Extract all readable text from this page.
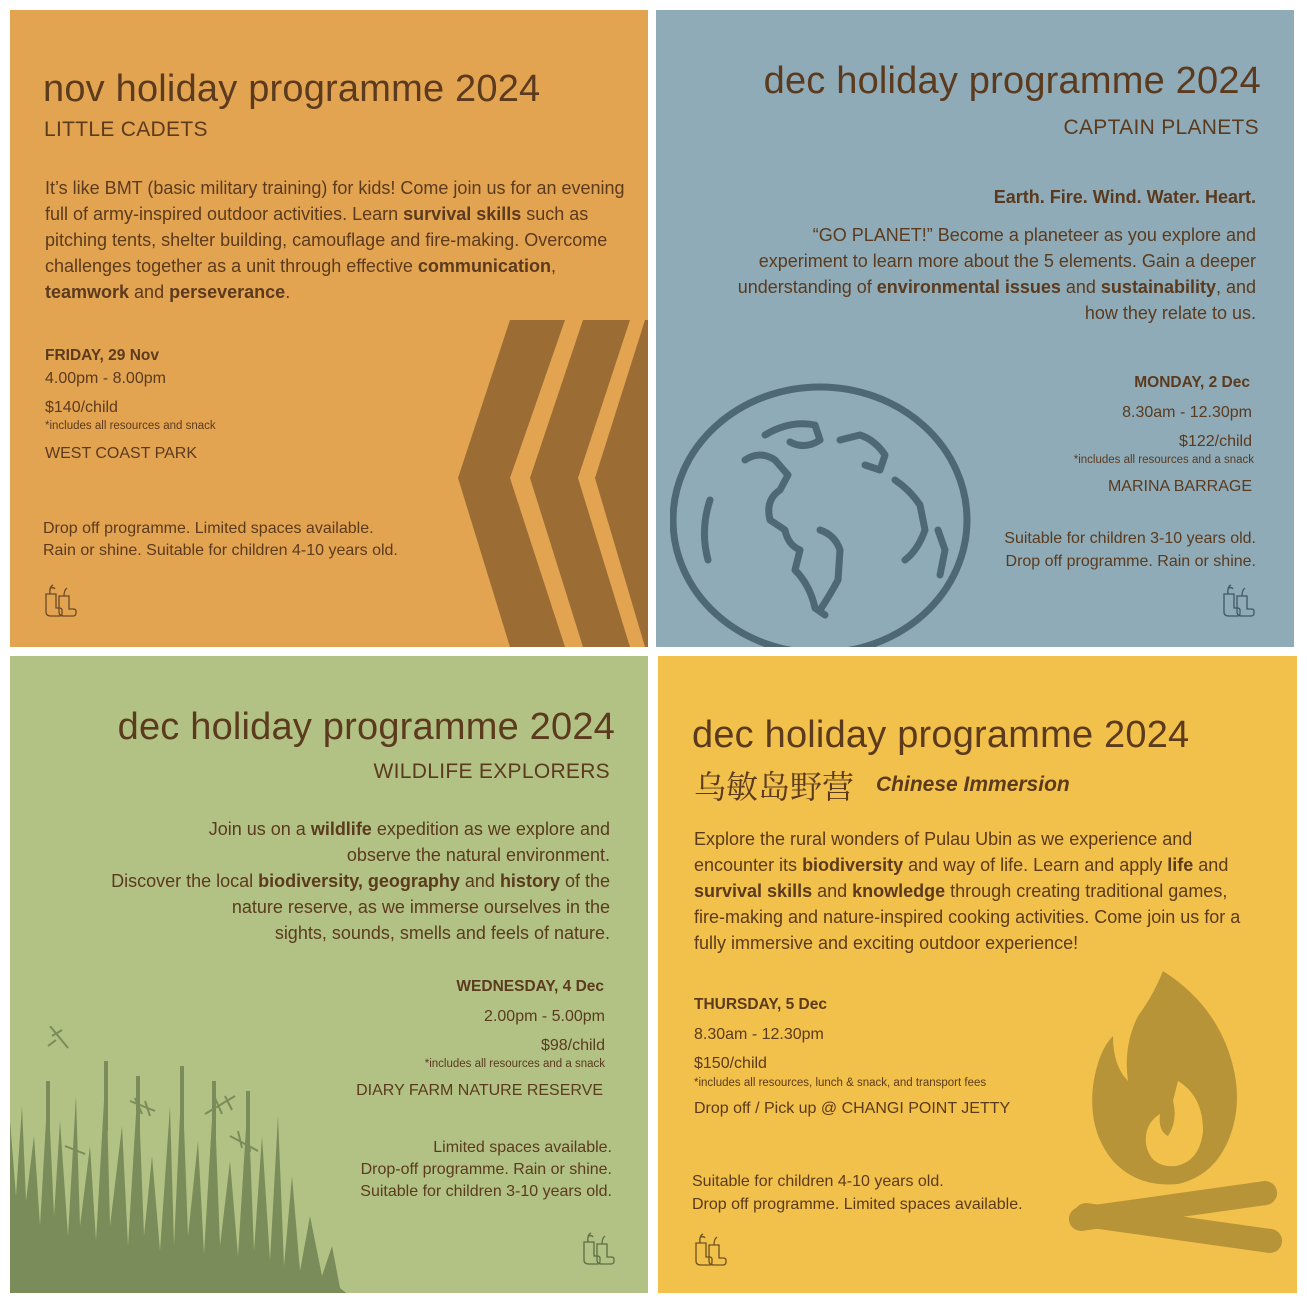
nov holiday programme 2024
LITTLE CADETS
It’s like BMT (basic military training) for kids! Come join us for an evening full of army-inspired outdoor activities. Learn survival skills such as pitching tents, shelter building, camouflage and fire-making. Overcome challenges together as a unit through effective communication, teamwork and perseverance.
FRIDAY, 29 Nov
4.00pm - 8.00pm
$140/child
*includes all resources and snack
WEST COAST PARK
Drop off programme. Limited spaces available.
Rain or shine. Suitable for children 4-10 years old.
dec holiday programme 2024
CAPTAIN PLANETS
Earth. Fire. Wind. Water. Heart.
“GO PLANET!” Become a planeteer as you explore and experiment to learn more about the 5 elements. Gain a deeper understanding of environmental issues and sustainability, and how they relate to us.
MONDAY, 2 Dec
8.30am - 12.30pm
$122/child
*includes all resources and a snack
MARINA BARRAGE
Suitable for children 3-10 years old.
Drop off programme. Rain or shine.
dec holiday programme 2024
WILDLIFE EXPLORERS
Join us on a wildlife expedition as we explore and
observe the natural environment.
Discover the local biodiversity, geography and history of the
nature reserve, as we immerse ourselves in the
sights, sounds, smells and feels of nature.
WEDNESDAY, 4 Dec
2.00pm - 5.00pm
$98/child
*includes all resources and a snack
DIARY FARM NATURE RESERVE
Limited spaces available.
Drop-off programme. Rain or shine.
Suitable for children 3-10 years old.
dec holiday programme 2024
乌敏岛野营 Chinese Immersion
Explore the rural wonders of Pulau Ubin as we experience and encounter its biodiversity and way of life. Learn and apply life and survival skills and knowledge through creating traditional games, fire-making and nature-inspired cooking activities. Come join us for a fully immersive and exciting outdoor experience!
THURSDAY, 5 Dec
8.30am - 12.30pm
$150/child
*includes all resources, lunch & snack, and transport fees
Drop off / Pick up @ CHANGI POINT JETTY
Suitable for children 4-10 years old.
Drop off programme. Limited spaces available.
